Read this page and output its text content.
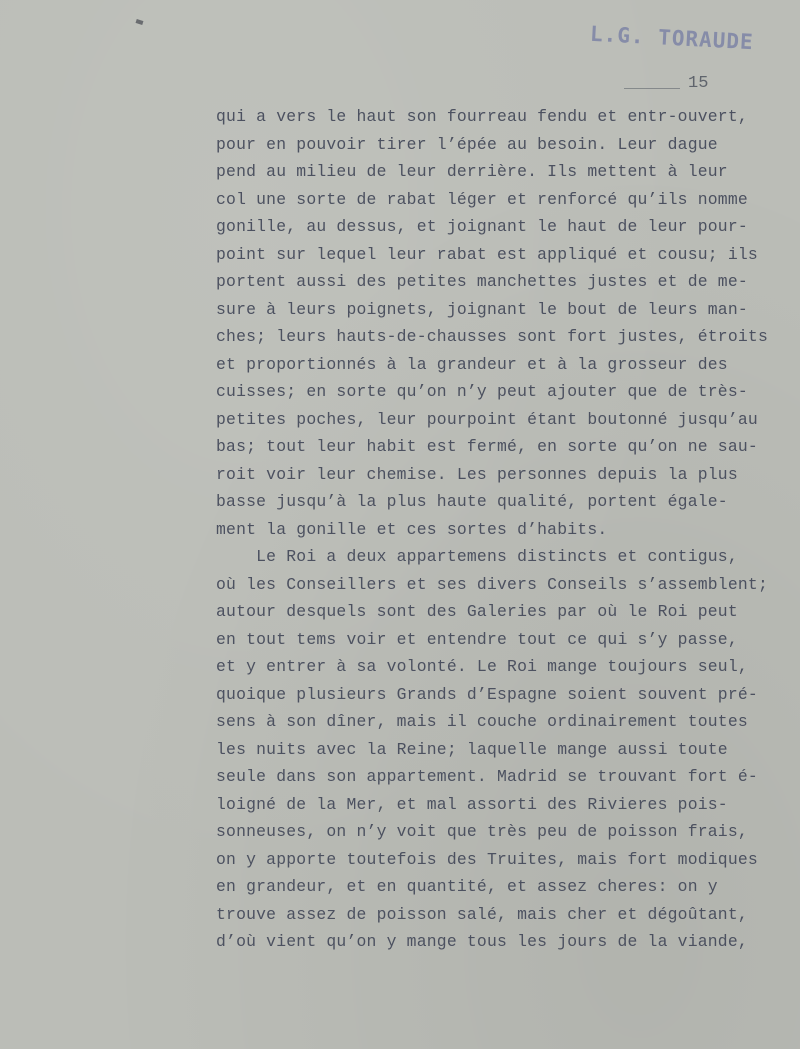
L.G. TORAUDE
15
qui a vers le haut son fourreau fendu et entr-ouvert,
pour en pouvoir tirer l’épée au besoin. Leur dague
pend au milieu de leur derrière. Ils mettent à leur
col une sorte de rabat léger et renforcé qu’ils nomme
gonille, au dessus, et joignant le haut de leur pour-
point sur lequel leur rabat est appliqué et cousu; ils
portent aussi des petites manchettes justes et de me-
sure à leurs poignets, joignant le bout de leurs man-
ches; leurs hauts-de-chausses sont fort justes, étroits
et proportionnés à la grandeur et à la grosseur des
cuisses; en sorte qu’on n’y peut ajouter que de très-
petites poches, leur pourpoint étant boutonné jusqu’au
bas; tout leur habit est fermé, en sorte qu’on ne sau-
roit voir leur chemise. Les personnes depuis la plus
basse jusqu’à la plus haute qualité, portent égale-
ment la gonille et ces sortes d’habits.
Le Roi a deux appartemens distincts et contigus,
où les Conseillers et ses divers Conseils s’assemblent;
autour desquels sont des Galeries par où le Roi peut
en tout tems voir et entendre tout ce qui s’y passe,
et y entrer à sa volonté. Le Roi mange toujours seul,
quoique plusieurs Grands d’Espagne soient souvent pré-
sens à son dîner, mais il couche ordinairement toutes
les nuits avec la Reine; laquelle mange aussi toute
seule dans son appartement. Madrid se trouvant fort é-
loigné de la Mer, et mal assorti des Rivieres pois-
sonneuses, on n’y voit que très peu de poisson frais,
on y apporte toutefois des Truites, mais fort modiques
en grandeur, et en quantité, et assez cheres: on y
trouve assez de poisson salé, mais cher et dégoûtant,
d’où vient qu’on y mange tous les jours de la viande,
